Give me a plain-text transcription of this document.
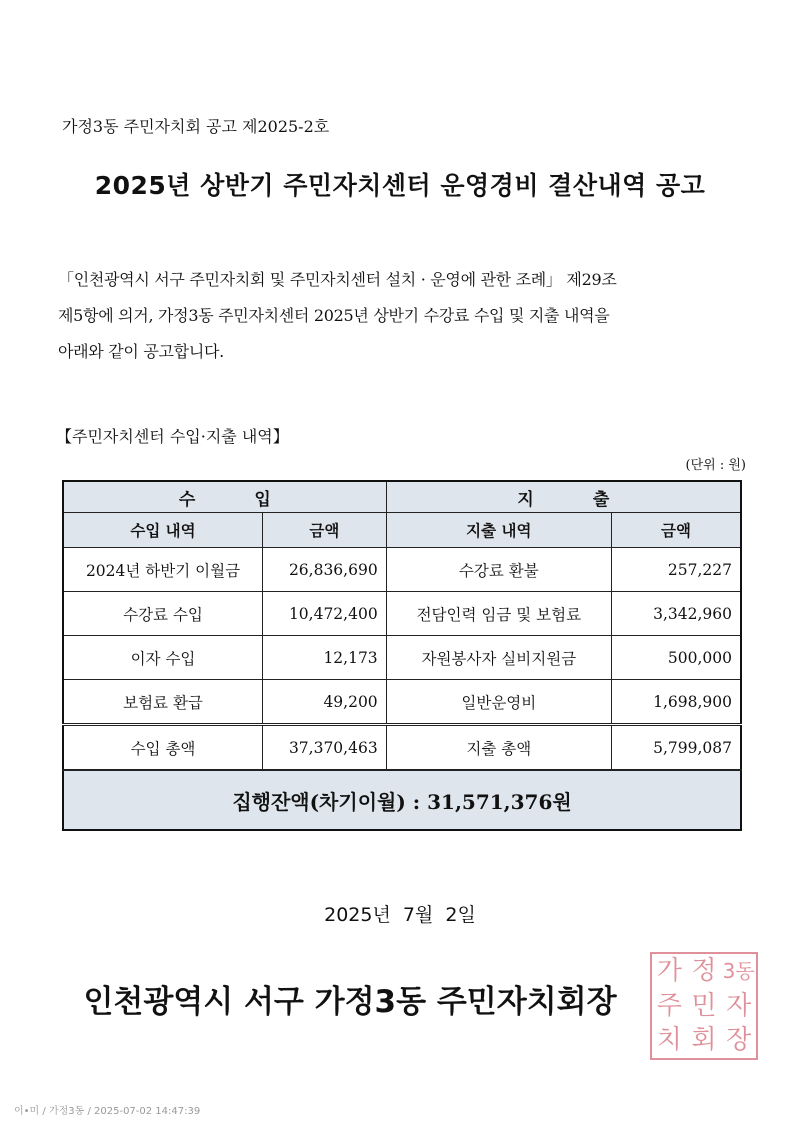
가정3동 주민자치회 공고 제2025-2호
2025년 상반기 주민자치센터 운영경비 결산내역 공고
「인천광역시 서구 주민자치회 및 주민자치센터 설치 · 운영에 관한 조례」 제29조
제5항에 의거, 가정3동 주민자치센터 2025년 상반기 수강료 수입 및 지출 내역을
아래와 같이 공고합니다.
【주민자치센터 수입·지출 내역】
(단위 : 원)
수          입		지          출	
수입 내역	금액	지출 내역	금액
2024년 하반기 이월금	26,836,690	수강료 환불	257,227
수강료 수입	10,472,400	전담인력 임금 및 보험료	3,342,960
이자 수입	12,173	자원봉사자 실비지원금	500,000
보험료 환급	49,200	일반운영비	1,698,900
수입 총액	37,370,463	지출 총액	5,799,087
집행잔액(차기이월) : 31,571,376원			
2025년  7월  2일
인천광역시 서구 가정3동 주민자치회장
가 정 3동
주 민 자
치 회 장
이•미 / 가정3동 / 2025-07-02 14:47:39
